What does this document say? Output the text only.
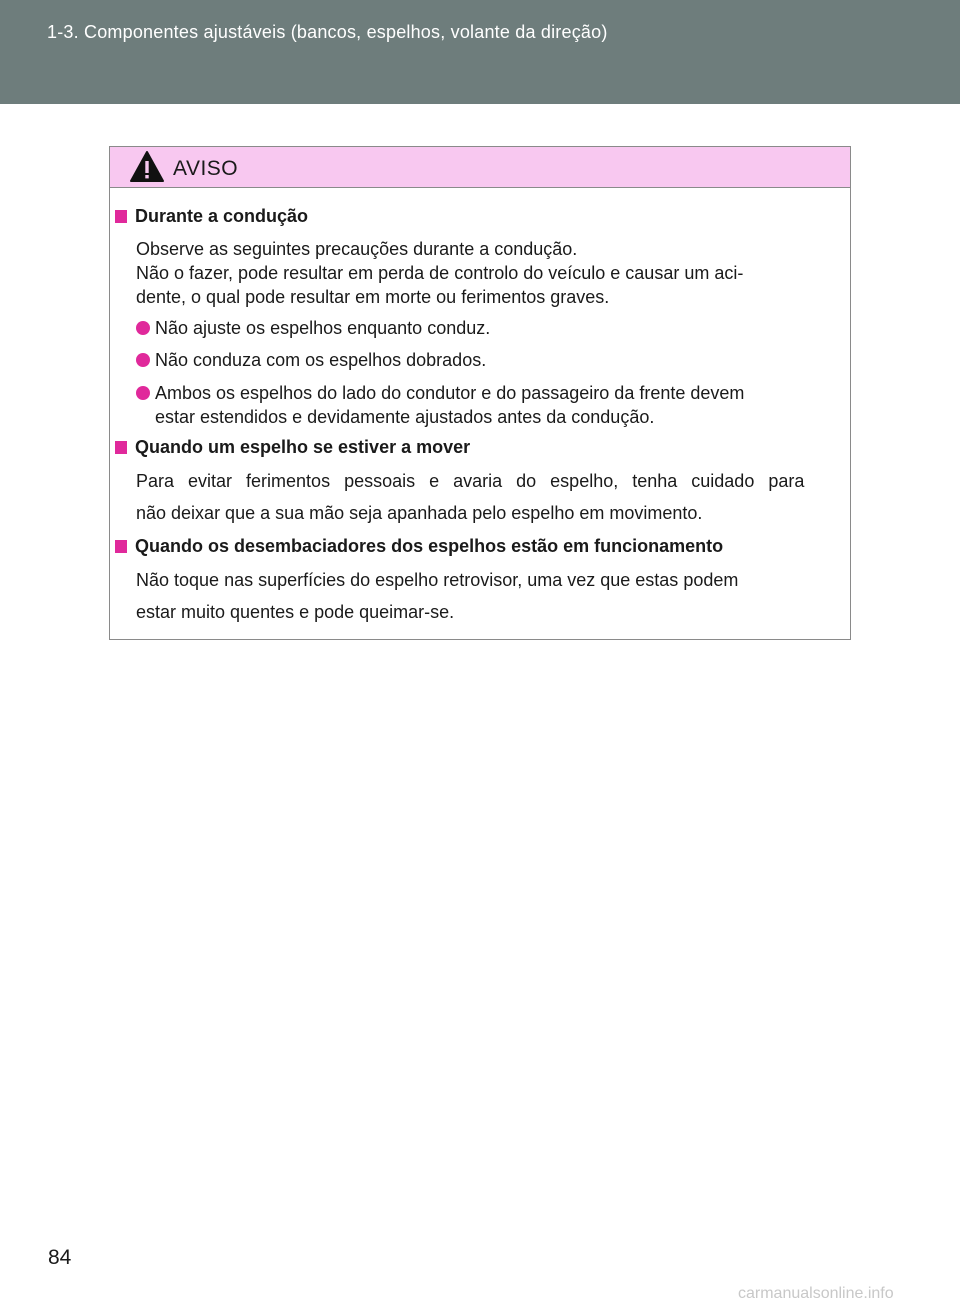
1-3. Componentes ajustáveis (bancos, espelhos, volante da direção)
AVISO
Durante a condução
Observe as seguintes precauções durante a condução.
Não o fazer, pode resultar em perda de controlo do veículo e causar um aci-
dente, o qual pode resultar em morte ou ferimentos graves.
Não ajuste os espelhos enquanto conduz.
Não conduza com os espelhos dobrados.
Ambos os espelhos do lado do condutor e do passageiro da frente devem
estar estendidos e devidamente ajustados antes da condução.
Quando um espelho se estiver a mover
Para evitar ferimentos pessoais e avaria do espelho, tenha cuidado para
não deixar que a sua mão seja apanhada pelo espelho em movimento.
Quando os desembaciadores dos espelhos estão em funcionamento
Não toque nas superfícies do espelho retrovisor, uma vez que estas podem
estar muito quentes e pode queimar-se.
84
carmanualsonline.info
